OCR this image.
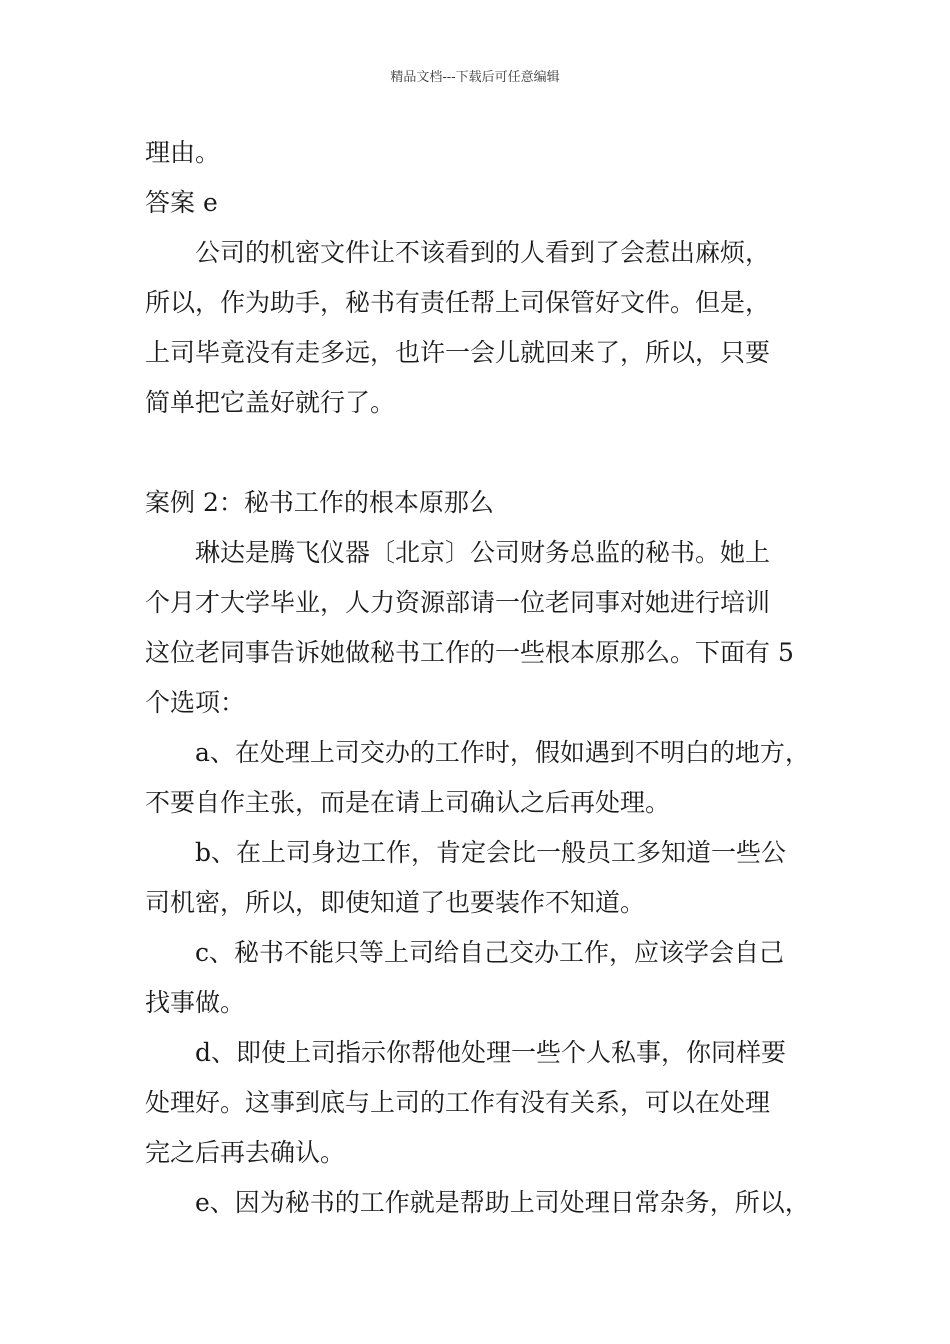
精品文档---下载后可任意编辑

理由。

答案 e

公司的机密文件让不该看到的人看到了会惹出麻烦，

所以，作为助手，秘书有责任帮上司保管好文件。但是，

上司毕竟没有走多远，也许一会儿就回来了，所以，只要

简单把它盖好就行了。

案例 2：秘书工作的根本原那么

琳达是腾飞仪器〔北京〕公司财务总监的秘书。她上

个月才大学毕业，人力资源部请一位老同事对她进行培训

这位老同事告诉她做秘书工作的一些根本原那么。下面有 5

个选项：

a、在处理上司交办的工作时，假如遇到不明白的地方，

不要自作主张，而是在请上司确认之后再处理。

b、在上司身边工作，肯定会比一般员工多知道一些公

司机密，所以，即使知道了也要装作不知道。

c、秘书不能只等上司给自己交办工作，应该学会自己

找事做。

d、即使上司指示你帮他处理一些个人私事，你同样要

处理好。这事到底与上司的工作有没有关系，可以在处理

完之后再去确认。

e、因为秘书的工作就是帮助上司处理日常杂务，所以，
